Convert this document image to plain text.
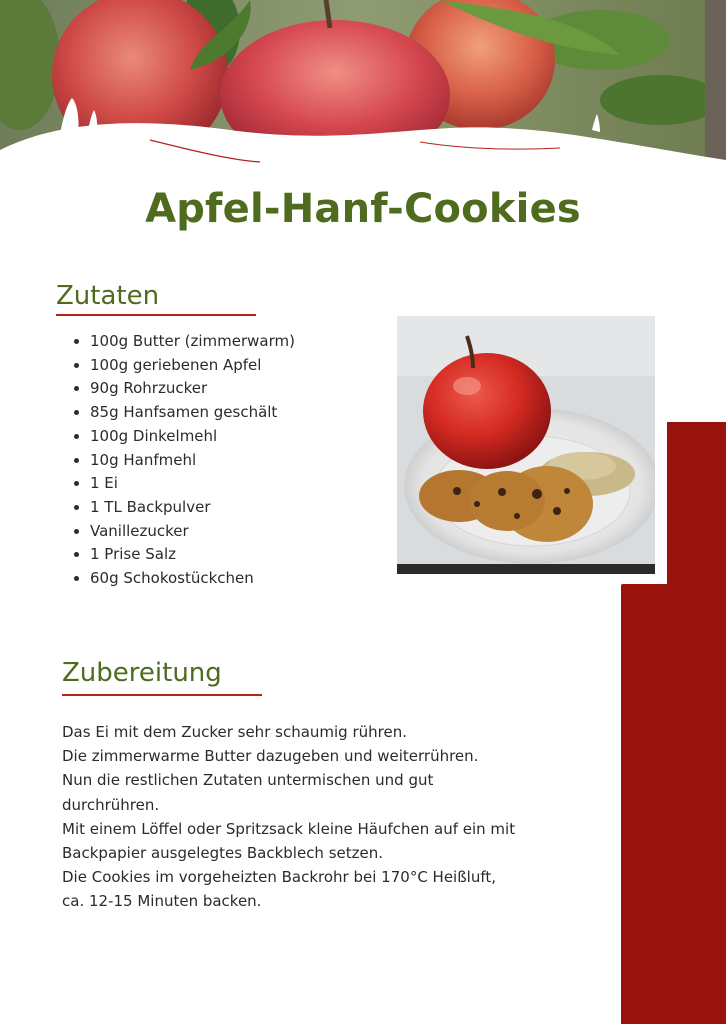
Apfel-Hanf-Cookies
Zutaten
• 100g Butter (zimmerwarm)
• 100g geriebenen Apfel
• 90g Rohrzucker
• 85g Hanfsamen geschält
• 100g Dinkelmehl
• 10g Hanfmehl
• 1 Ei
• 1 TL Backpulver
• Vanillezucker
• 1 Prise Salz
• 60g Schokostückchen
Zubereitung

Das Ei mit dem Zucker sehr schaumig rühren.

Die zimmerwarme Butter dazugeben und weiterrühren.

Nun die restlichen Zutaten untermischen und gut

durchrühren.

Mit einem Löffel oder Spritzsack kleine Häufchen auf ein mit

Backpapier ausgelegtes Backblech setzen.

Die Cookies im vorgeheizten Backrohr bei 170°C Heißluft,

ca. 12-15 Minuten backen.
